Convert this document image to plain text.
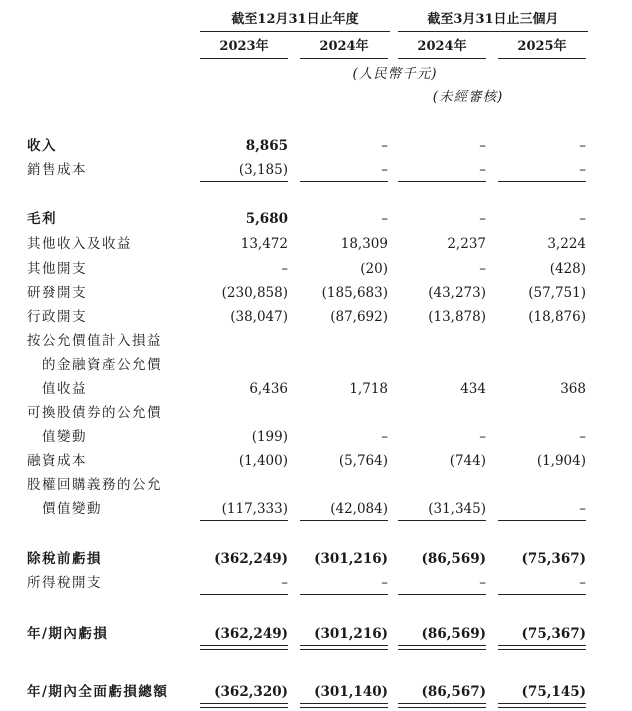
截至12月31日止年度	截至3月31日止三個月
2023年	2024年	2024年	2025年
(人民幣千元)
(未經審核)
收入	8,865	–	–	–
銷售成本	(3,185)	–	–	–
毛利	5,680	–	–	–
其他收入及收益	13,472	18,309	2,237	3,224
其他開支	–	(20)	–	(428)
研發開支	(230,858)	(185,683)	(43,273)	(57,751)
行政開支	(38,047)	(87,692)	(13,878)	(18,876)
按公允價值計入損益
的金融資產公允價
值收益	6,436	1,718	434	368
可換股債券的公允價
值變動	(199)	–	–	–
融資成本	(1,400)	(5,764)	(744)	(1,904)
股權回購義務的公允
價值變動	(117,333)	(42,084)	(31,345)	–
除稅前虧損	(362,249)	(301,216)	(86,569)	(75,367)
所得稅開支	–	–	–	–
年/期內虧損	(362,249)	(301,216)	(86,569)	(75,367)
年/期內全面虧損總額	(362,320)	(301,140)	(86,567)	(75,145)
